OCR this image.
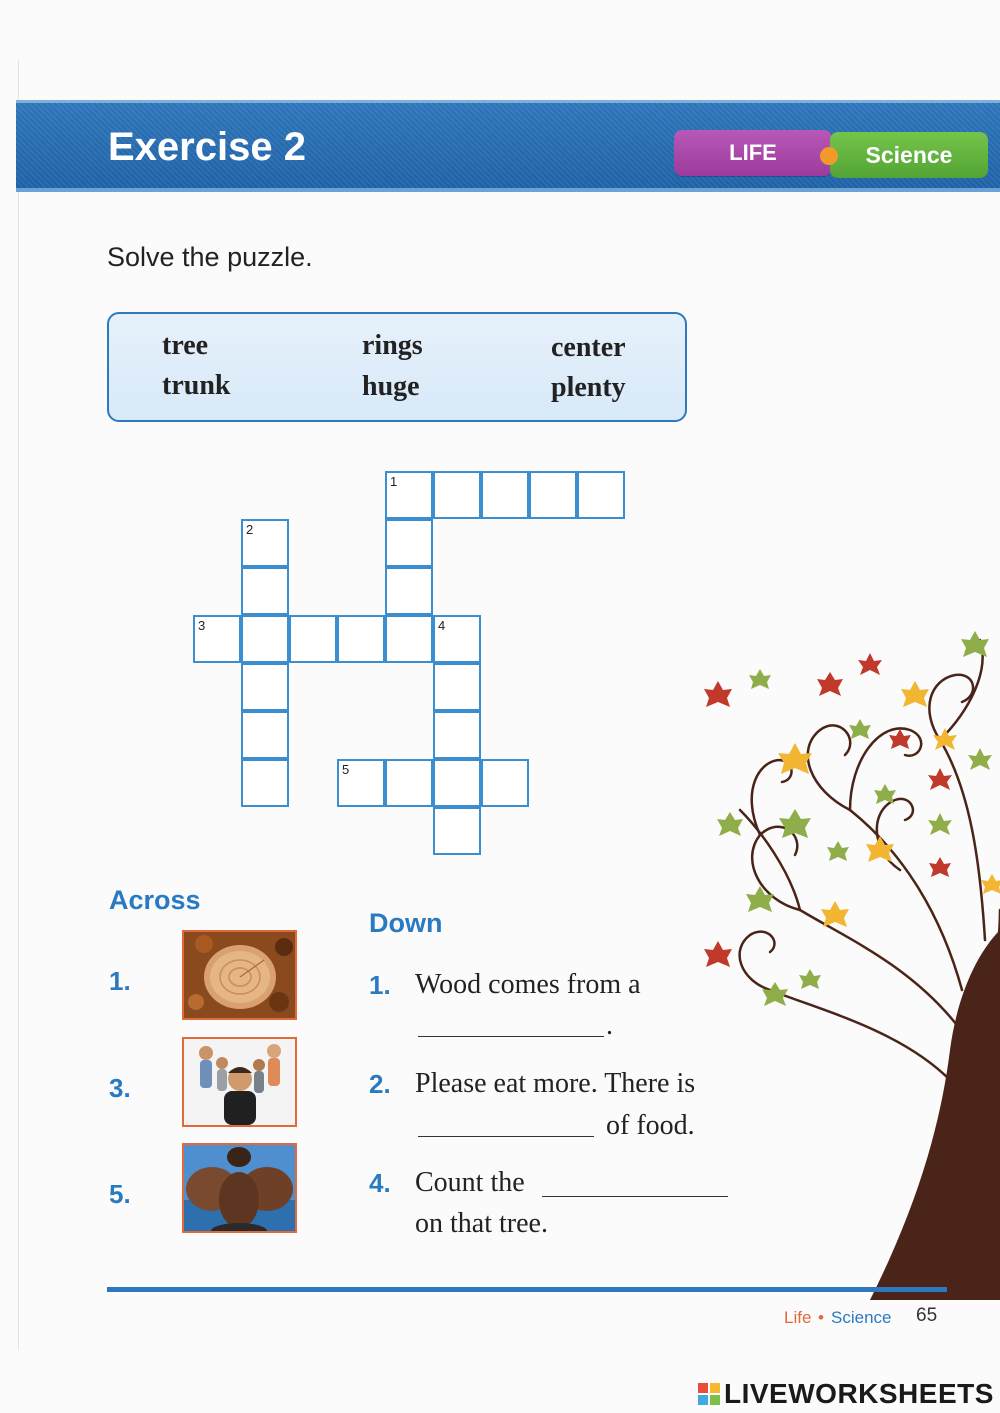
Exercise 2	LIFE	Science
Solve the puzzle.
tree	rings	center
trunk	huge	plenty
1
2
3	4
5
Across
1.
3.
5.
Down
1. Wood comes from a
.
2. Please eat more. There is
of food.
4. Count the
on that tree.
Life • Science 65
LIVEWORKSHEETS
